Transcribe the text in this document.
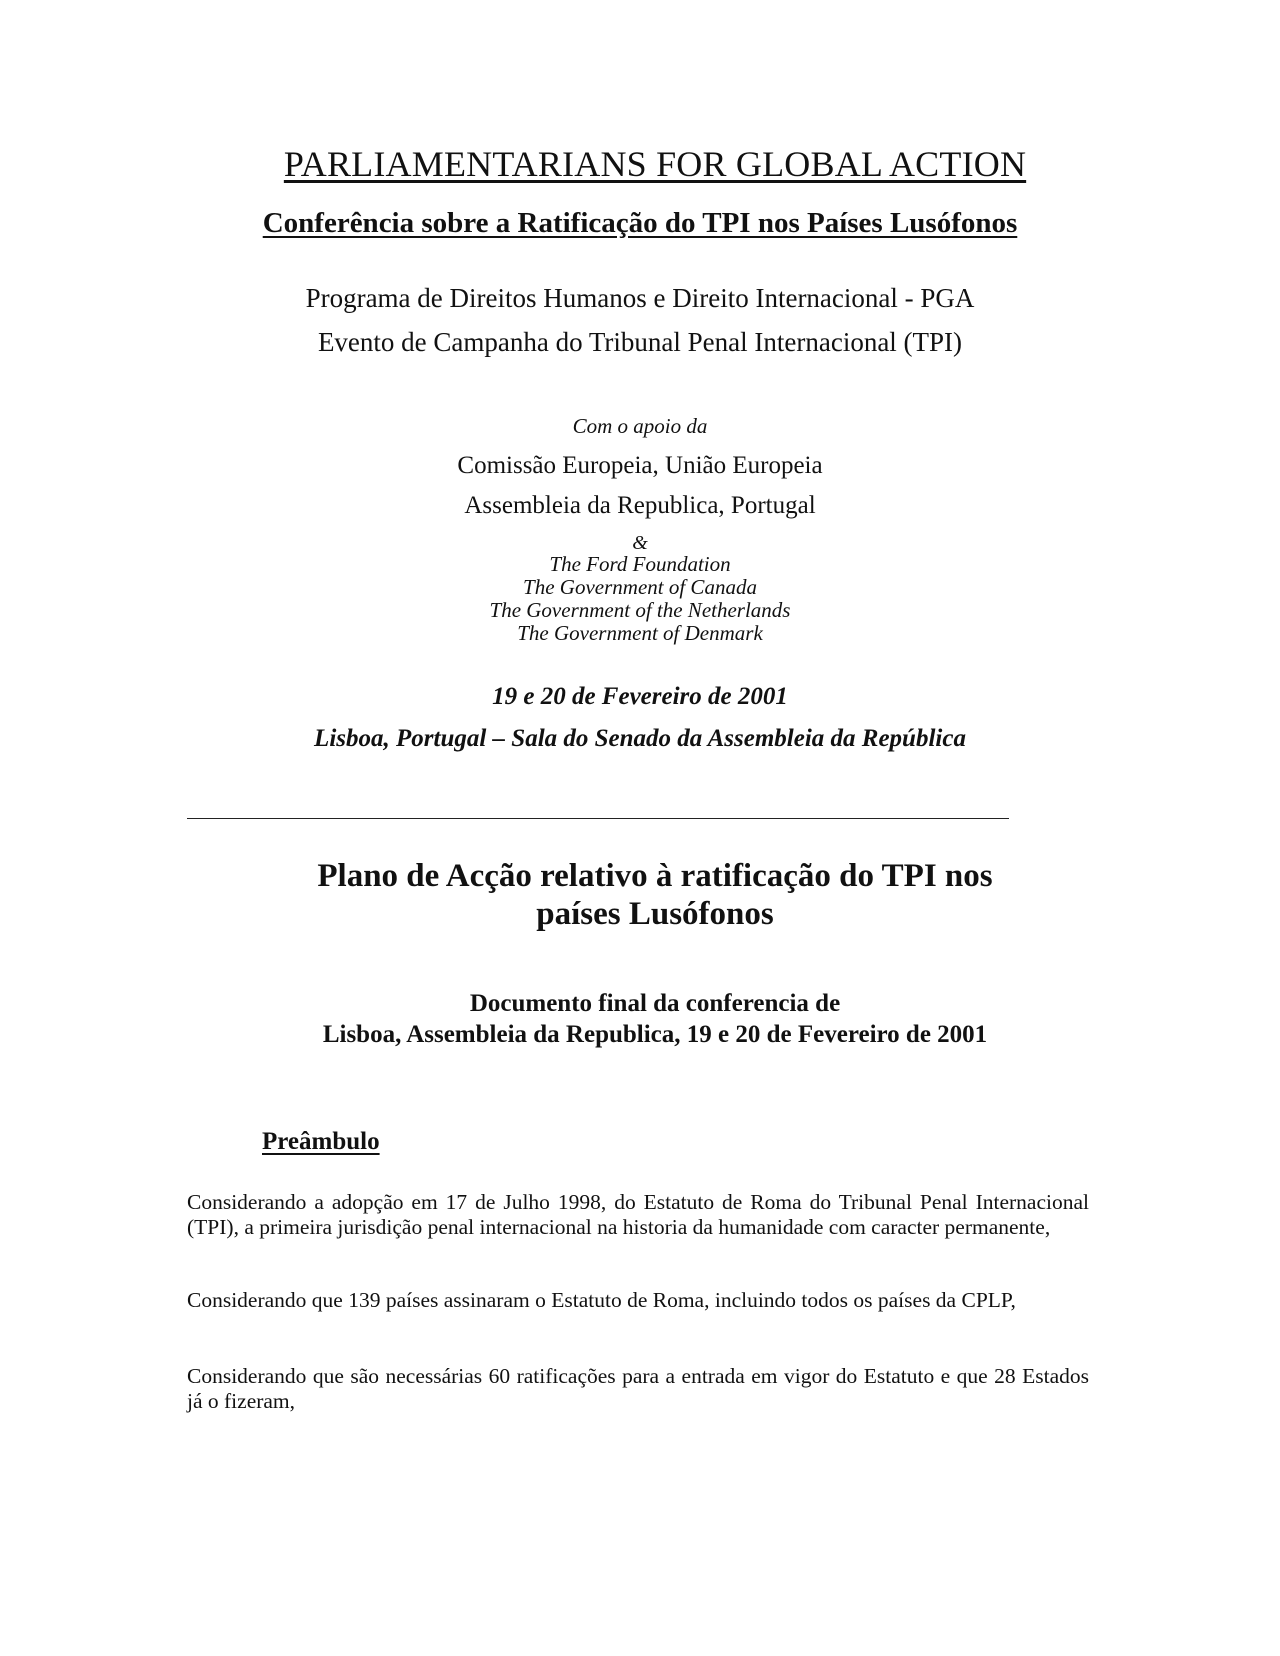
PARLIAMENTARIANS FOR GLOBAL ACTION
Conferência sobre a Ratificação do TPI nos Países Lusófonos
Programa de Direitos Humanos e Direito Internacional - PGA
Evento de Campanha do Tribunal Penal Internacional (TPI)
Com o apoio da
Comissão Europeia, União Europeia
Assembleia da Republica, Portugal
&
The Ford Foundation
The Government of Canada
The Government of the Netherlands
The Government of Denmark
19 e 20 de Fevereiro de 2001
Lisboa, Portugal – Sala do Senado da Assembleia da República
Plano de Acção relativo à ratificação do TPI nos
países Lusófonos
Documento final da conferencia de
Lisboa, Assembleia da Republica, 19 e 20 de Fevereiro de 2001
Preâmbulo

Considerando a adopção em 17 de Julho 1998, do Estatuto de Roma do Tribunal Penal Internacional (TPI), a primeira jurisdição penal internacional na historia da humanidade com caracter permanente,

Considerando que 139 países assinaram o Estatuto de Roma, incluindo todos os países da CPLP,

Considerando que são necessárias 60 ratificações para a entrada em vigor do Estatuto e que 28 Estados já o fizeram,
